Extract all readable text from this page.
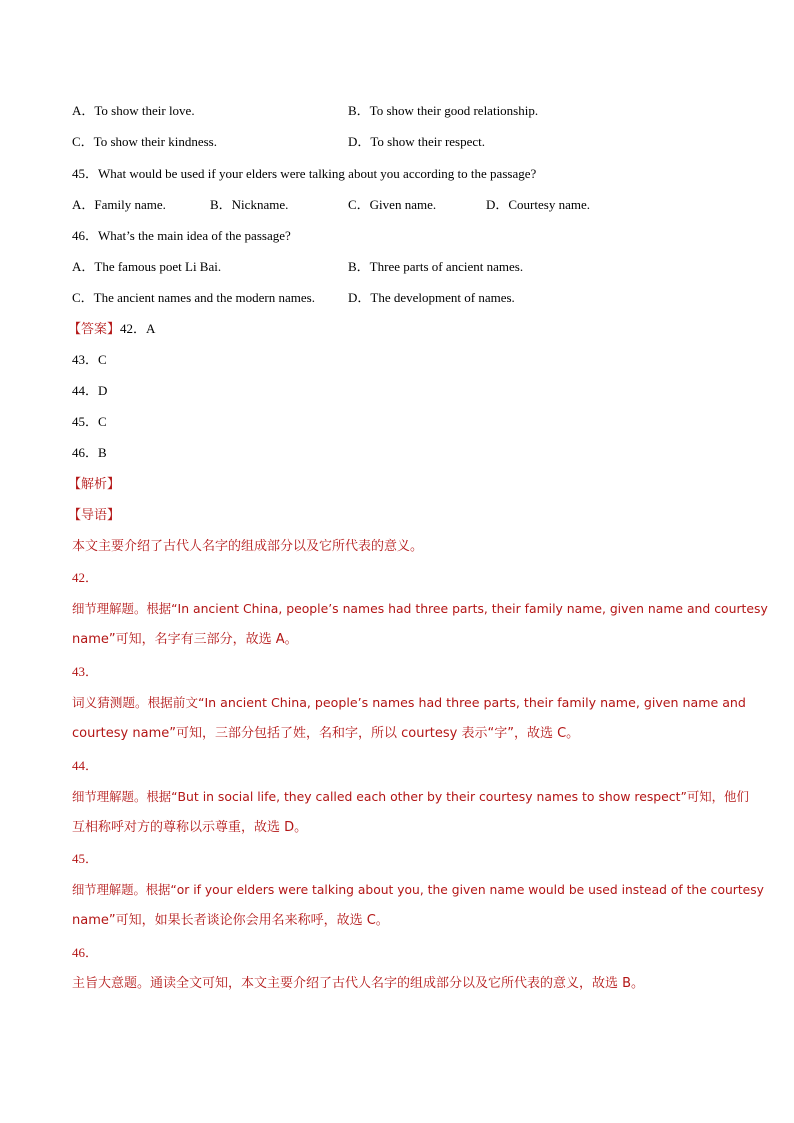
A．To show their love.	B．To show their good relationship.
C．To show their kindness.	D．To show their respect.
45．What would be used if your elders were talking about you according to the passage?
A．Family name.	B．Nickname.	C．Given name.	D．Courtesy name.
46．What’s the main idea of the passage?
A．The famous poet Li Bai.	B．Three parts of ancient names.
C．The ancient names and the modern names.	D．The development of names.
【答案】42．A
43．C
44．D
45．C
46．B
【解析】
【导语】
本文主要介绍了古代人名字的组成部分以及它所代表的意义。
42．
细节理解题。根据“In ancient China, people’s names had three parts, their family name, given name and courtesy
name”可知，名字有三部分，故选 A。
43．
词义猜测题。根据前文“In ancient China, people’s names had three parts, their family name, given name and
courtesy name”可知，三部分包括了姓，名和字，所以 courtesy 表示“字”，故选 C。
44．
细节理解题。根据“But in social life, they called each other by their courtesy names to show respect”可知，他们
互相称呼对方的尊称以示尊重，故选 D。
45．
细节理解题。根据“or if your elders were talking about you, the given name would be used instead of the courtesy
name”可知，如果长者谈论你会用名来称呼，故选 C。
46．
主旨大意题。通读全文可知，本文主要介绍了古代人名字的组成部分以及它所代表的意义，故选 B。
